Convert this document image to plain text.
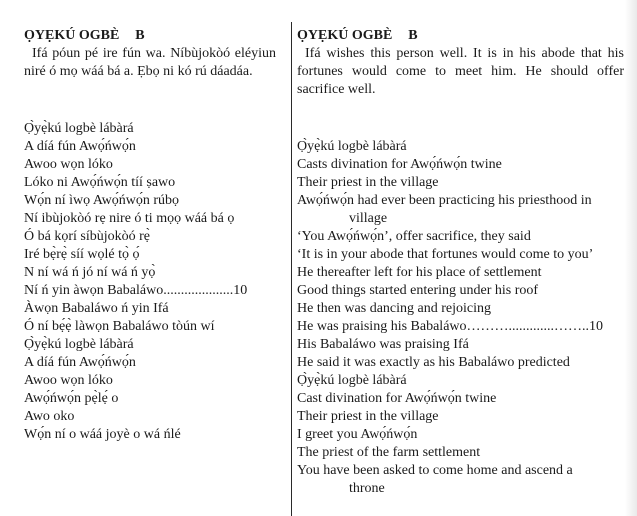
ỌYẸKÚ OGBÈ B

Ifá póun pé ire fún wa. Níbùjokòó eléyiun niré ó mọ wáá bá a. Ẹbọ ni kó rú dáadáa.

Ọ̀yẹ̀kú logbè lábàrá
A díá fún Awọ́ńwọ́n
Awoo wọn lóko
Lóko ni Awọ́ńwọ́n tíí ṣawo
Wọ́n ní ìwọ Awọ́ńwọ́n rúbọ
Ní ibùjokòó rẹ nire ó ti mọọ wáá bá ọ
Ó bá kọrí síbùjokòó rẹ̀
Iré bẹ̀rẹ̀ síí wọlé tọ̀ ọ́
N ní wá ń jó ní wá ń yọ̀
Ní ń yin àwọn Babaláwo....................10
Àwọn Babaláwo ń yin Ifá
Ó ní bẹ́ẹ̀ làwọn Babaláwo tòún wí
Ọ̀yẹ̀kú logbè lábàrá
A díá fún Awọ́ńwọ́n
Awoo wọn lóko
Awọ́ńwọ́n pẹ̀lẹ́ o
Awo oko
Wọ́n ní o wáá joyè o wá ńlé
ỌYẸKÚ OGBÈ B

Ifá wishes this person well. It is in his abode that his fortunes would come to meet him. He should offer sacrifice well.

Ọ̀yẹ̀kú logbè lábàrá
Casts divination for Awọ́ńwọ́n twine
Their priest in the village
Awọ́ńwọ́n had ever been practicing his priesthood in
village
‘You Awọ́ńwọ́n’, offer sacrifice, they said
‘It is in your abode that fortunes would come to you’
He thereafter left for his place of settlement
Good things started entering under his roof
He then was dancing and rejoicing
He was praising his Babaláwo……….............……..10
His Babaláwo was praising Ifá
He said it was exactly as his Babaláwo predicted
Ọ̀yẹ̀kú logbè lábàrá
Cast divination for Awọ́ńwọ́n twine
Their priest in the village
I greet you Awọ́ńwọ́n
The priest of the farm settlement
You have been asked to come home and ascend a
throne
